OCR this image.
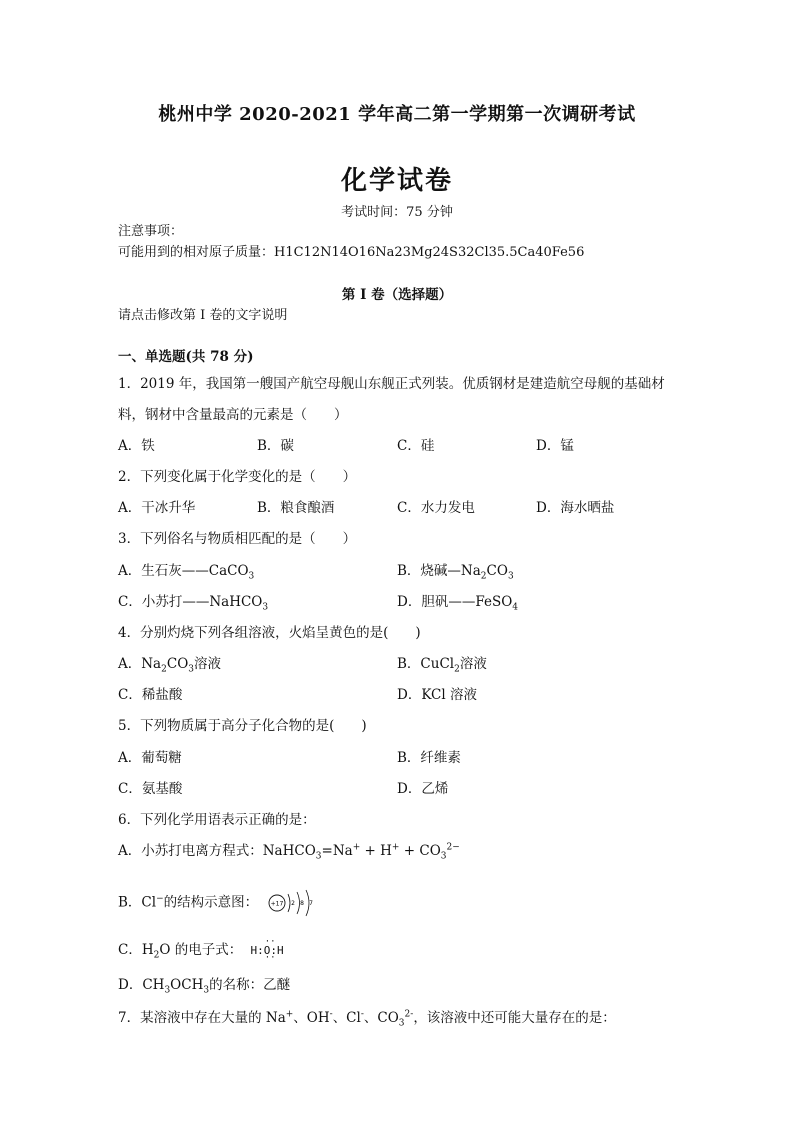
桃州中学 2020-2021 学年高二第一学期第一次调研考试
化学试卷
考试时间：75 分钟
注意事项：
可能用到的相对原子质量：H1C12N14O16Na23Mg24S32Cl35.5Ca40Fe56
第 I 卷（选择题）
请点击修改第 I 卷的文字说明
一、单选题(共 78 分)
1．2019 年，我国第一艘国产航空母舰山东舰正式列装。优质钢材是建造航空母舰的基础材
料，钢材中含量最高的元素是（　　）
A．铁	B．碳	C．硅	D．锰
2．下列变化属于化学变化的是（　　）
A．干冰升华	B．粮食酿酒	C．水力发电	D．海水晒盐
3．下列俗名与物质相匹配的是（　　）
A．生石灰——CaCO$_3$	B．烧碱$—Na_2CO_3$
C．小苏打——NaHCO$_3$	D．胆矾——FeSO$_4$
4．分别灼烧下列各组溶液，火焰呈黄色的是(　　)
A．$Na_2CO_3$溶液	B．CuCl$_2$溶液
C．稀盐酸	D．KCl 溶液
5．下列物质属于高分子化合物的是(　　)
A．葡萄糖	B．纤维素
C．氨基酸	D．乙烯
6．下列化学用语表示正确的是：
A．小苏打电离方程式：NaHCO$_3$=Na+ + $H^+ + CO_3^{2-}$
B．Cl−的结构示意图： +17 2 8 7
C．$H_2O$ 的电子式： H:
··
O
··
:H
D．$CH_3OCH_3$的名称：乙醚
7．某溶液中存在大量的 Na+、OH-、Cl-、$CO_3^{2-}$，该溶液中还可能大量存在的是：
